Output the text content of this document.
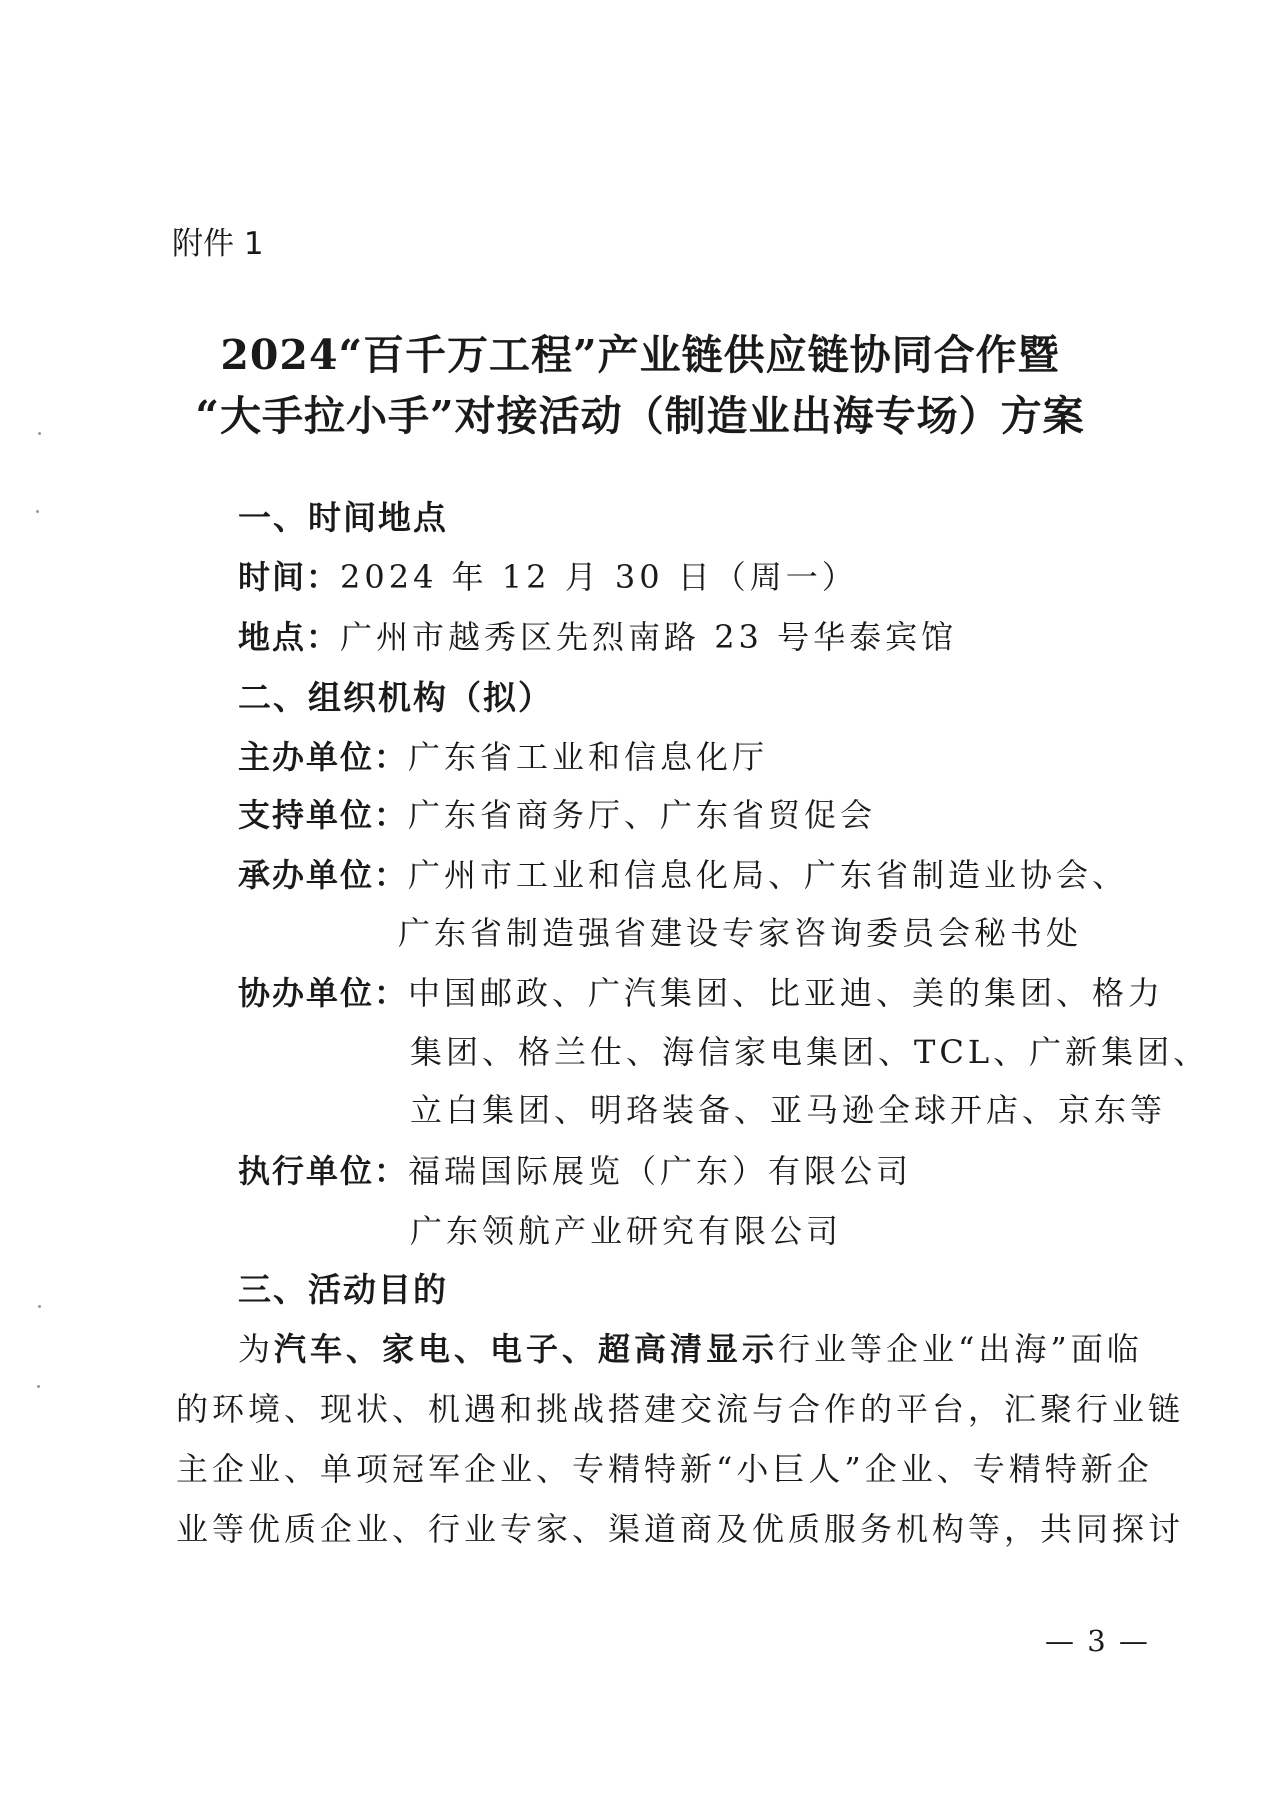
附件 1
2024“百千万工程”产业链供应链协同合作暨
“大手拉小手”对接活动（制造业出海专场）方案
一、时间地点
时间：2024 年 12 月 30 日（周一）
地点：广州市越秀区先烈南路 23 号华泰宾馆
二、组织机构（拟）
主办单位：广东省工业和信息化厅
支持单位：广东省商务厅、广东省贸促会
承办单位：广州市工业和信息化局、广东省制造业协会、
广东省制造强省建设专家咨询委员会秘书处
协办单位：中国邮政、广汽集团、比亚迪、美的集团、格力
集团、格兰仕、海信家电集团、TCL、广新集团、
立白集团、明珞装备、亚马逊全球开店、京东等
执行单位：福瑞国际展览（广东）有限公司
广东领航产业研究有限公司
三、活动目的
为汽车、家电、电子、超高清显示行业等企业“出海”面临
的环境、现状、机遇和挑战搭建交流与合作的平台，汇聚行业链
主企业、单项冠军企业、专精特新“小巨人”企业、专精特新企
业等优质企业、行业专家、渠道商及优质服务机构等，共同探讨
— 3 —
